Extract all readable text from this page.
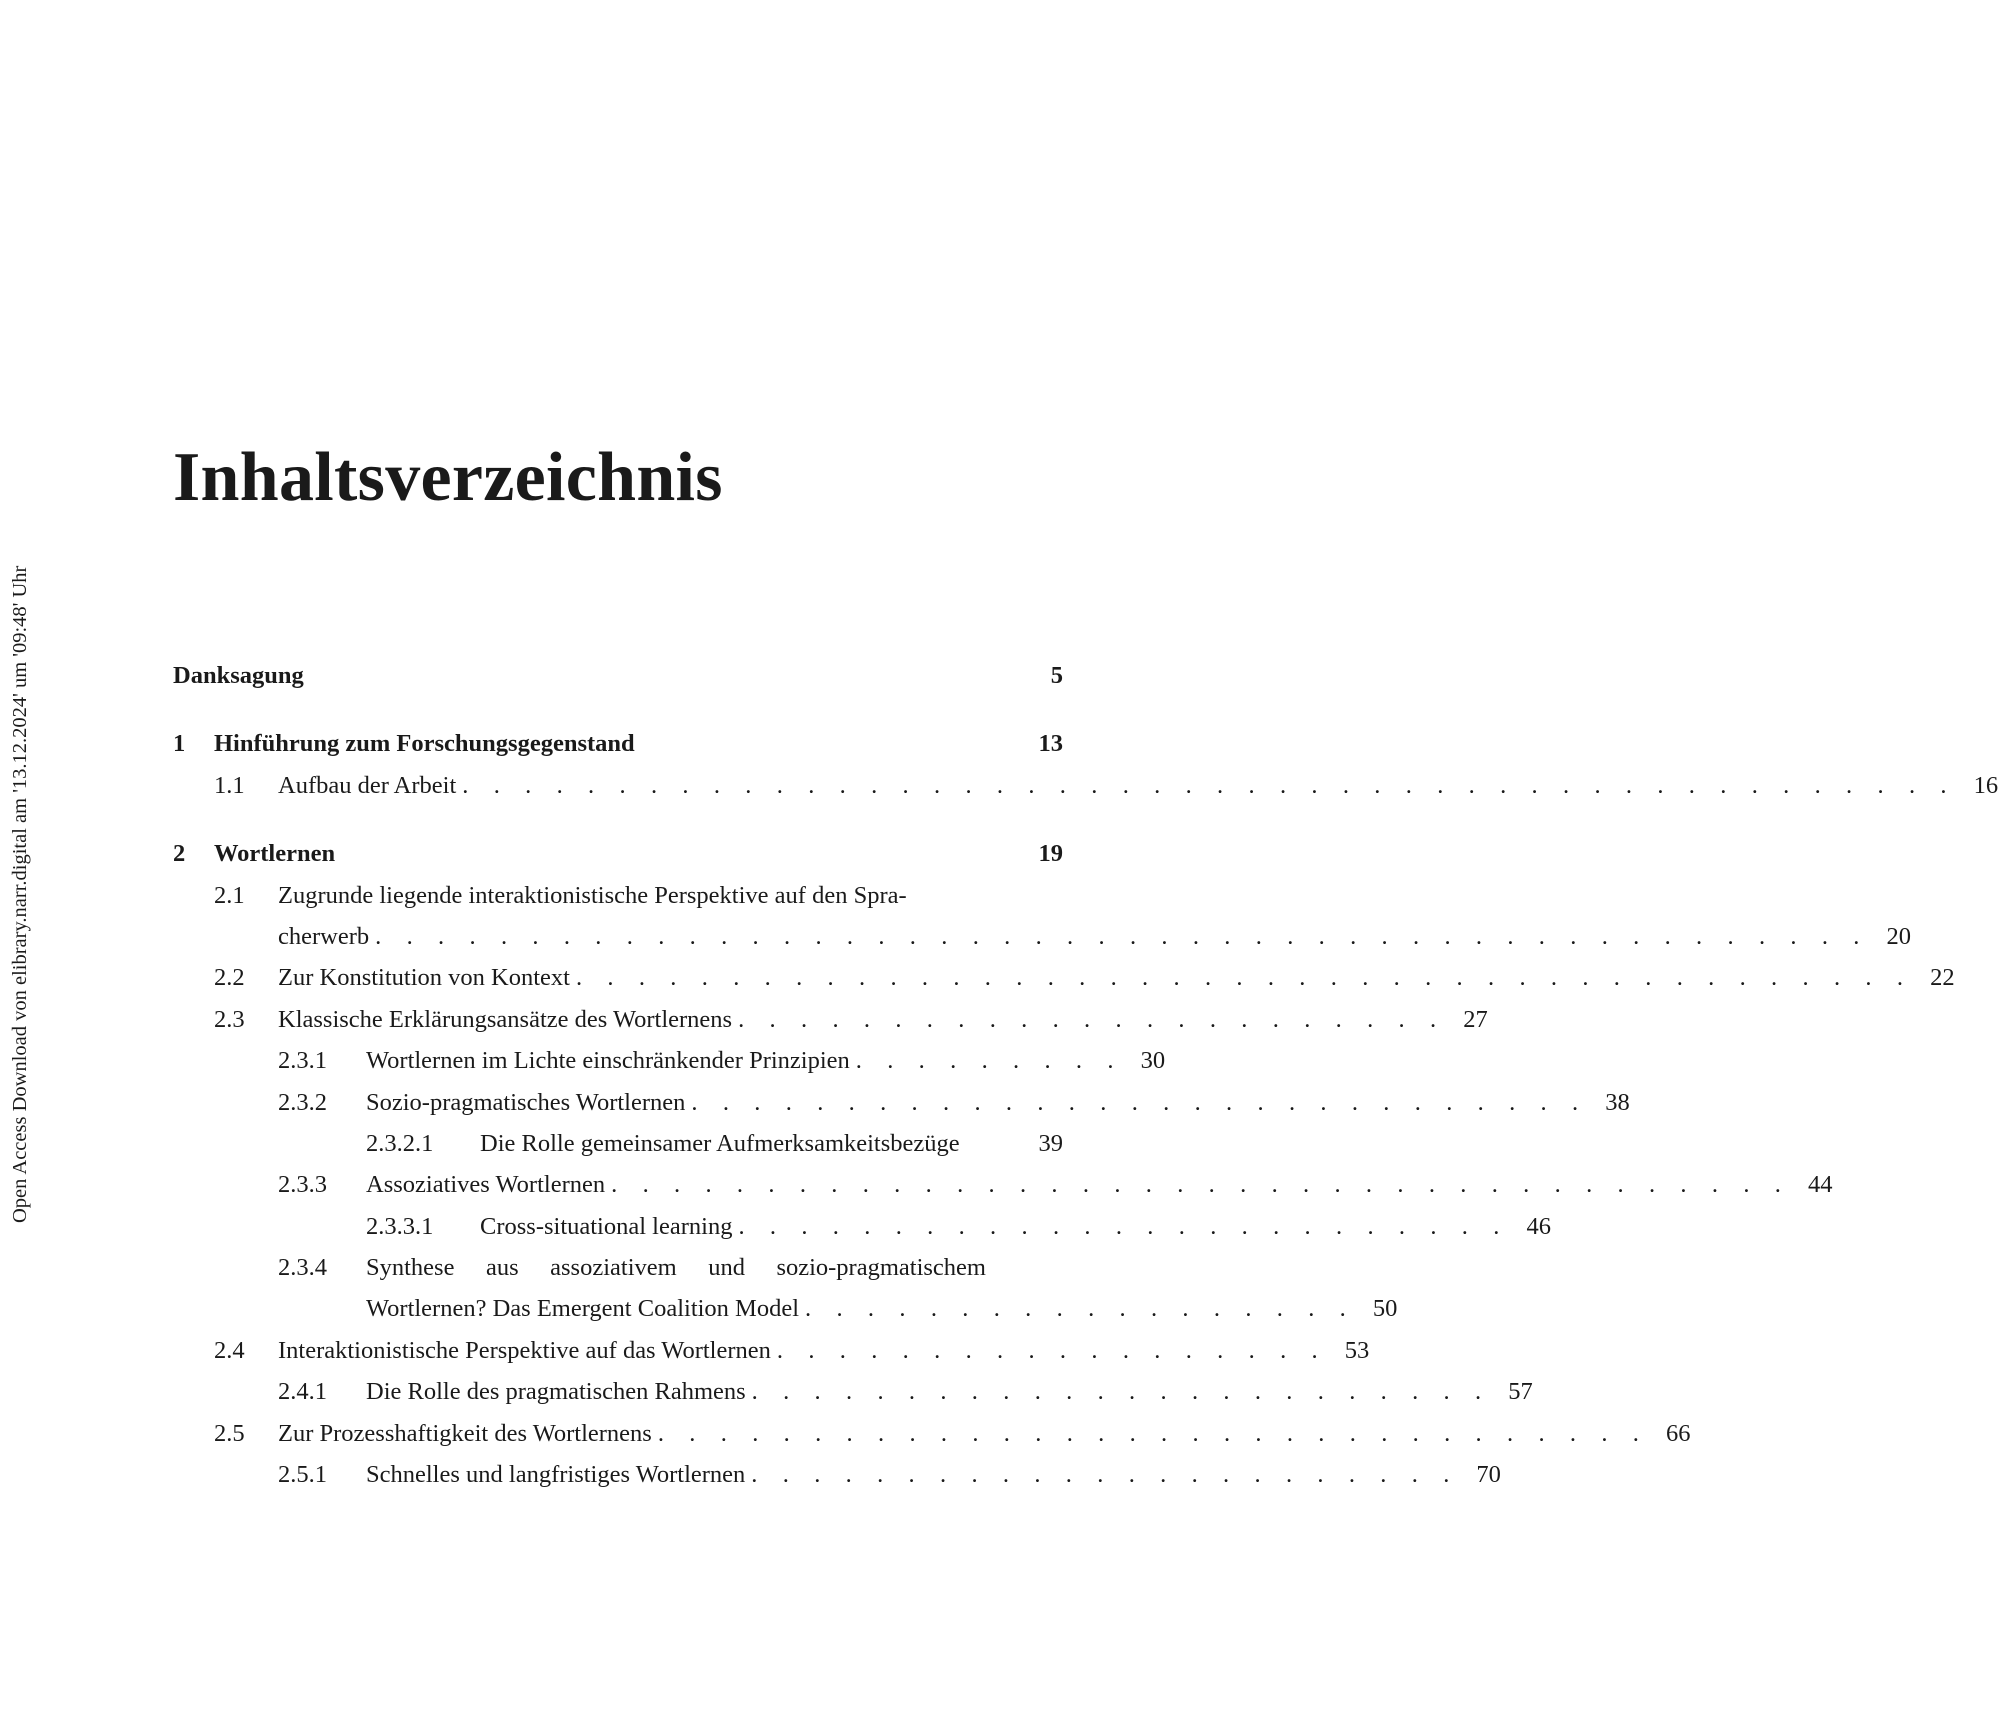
Open Access Download von elibrary.narr.digital am '13.12.2024' um '09:48' Uhr
Inhaltsverzeichnis
Danksagung	5
1	Hinführung zum Forschungsgegenstand	13
1.1	Aufbau der Arbeit . . . . . . . . . . . . . . . . . . . . . . . . . . . . . . . . . . . . . . . . . . . . . . . . 16
2	Wortlernen	19
2.1	Zugrunde liegende interaktionistische Perspektive auf den Spra-
cherwerb . . . . . . . . . . . . . . . . . . . . . . . . . . . . . . . . . . . . . . . . . . . . . . . . 20
2.2	Zur Konstitution von Kontext . . . . . . . . . . . . . . . . . . . . . . . . . . . . . . . . . . . . . . . . . . . 22
2.3	Klassische Erklärungsansätze des Wortlernens . . . . . . . . . . . . . . . . . . . . . . . 27
2.3.1	Wortlernen im Lichte einschränkender Prinzipien . . . . . . . . . 30
2.3.2	Sozio-pragmatisches Wortlernen . . . . . . . . . . . . . . . . . . . . . . . . . . . . . 38
2.3.2.1	Die Rolle gemeinsamer Aufmerksamkeitsbezüge	39
2.3.3	Assoziatives Wortlernen . . . . . . . . . . . . . . . . . . . . . . . . . . . . . . . . . . . . . . 44
2.3.3.1	Cross-situational learning . . . . . . . . . . . . . . . . . . . . . . . . . 46
2.3.4	Synthese aus assoziativem und sozio-pragmatischem
Wortlernen? Das Emergent Coalition Model . . . . . . . . . . . . . . . . . . 50
2.4	Interaktionistische Perspektive auf das Wortlernen . . . . . . . . . . . . . . . . . . 53
2.4.1	Die Rolle des pragmatischen Rahmens . . . . . . . . . . . . . . . . . . . . . . . . 57
2.5	Zur Prozesshaftigkeit des Wortlernens . . . . . . . . . . . . . . . . . . . . . . . . . . . . . . . . 66
2.5.1	Schnelles und langfristiges Wortlernen . . . . . . . . . . . . . . . . . . . . . . . 70
